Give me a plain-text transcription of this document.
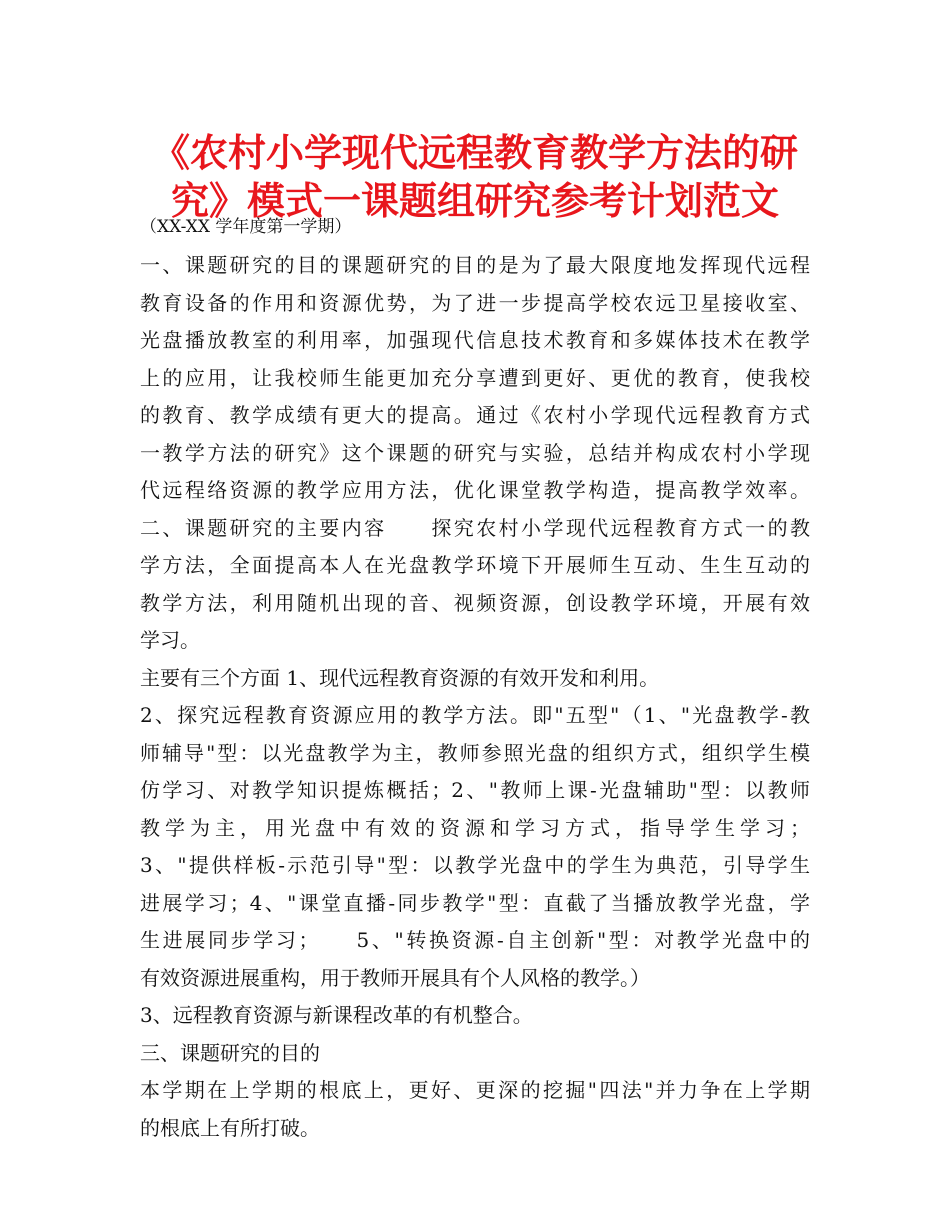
《农村小学现代远程教育教学方法的研
究》模式一课题组研究参考计划范文

（XX-XX 学年度第一学期）

一、课题研究的目的课题研究的目的是为了最大限度地发挥现代远程

教育设备的作用和资源优势，为了进一步提高学校农远卫星接收室、

光盘播放教室的利用率，加强现代信息技术教育和多媒体技术在教学

上的应用，让我校师生能更加充分享遭到更好、更优的教育，使我校

的教育、教学成绩有更大的提高。通过《农村小学现代远程教育方式

一教学方法的研究》这个课题的研究与实验，总结并构成农村小学现

代远程络资源的教学应用方法，优化课堂教学构造，提高教学效率。

二、课题研究的主要内容　　探究农村小学现代远程教育方式一的教

学方法，全面提高本人在光盘教学环境下开展师生互动、生生互动的

教学方法，利用随机出现的音、视频资源，创设教学环境，开展有效

学习。

主要有三个方面 1、现代远程教育资源的有效开发和利用。

2、探究远程教育资源应用的教学方法。即"五型"（1、"光盘教学-教

师辅导"型：以光盘教学为主，教师参照光盘的组织方式，组织学生模

仿学习、对教学知识提炼概括；2、"教师上课-光盘辅助"型：以教师

教学为主，用光盘中有效的资源和学习方式，指导学生学习；

3、"提供样板-示范引导"型：以教学光盘中的学生为典范，引导学生

进展学习；4、"课堂直播-同步教学"型：直截了当播放教学光盘，学

生进展同步学习；　　5、"转换资源-自主创新"型：对教学光盘中的

有效资源进展重构，用于教师开展具有个人风格的教学。）

3、远程教育资源与新课程改革的有机整合。

三、课题研究的目的

本学期在上学期的根底上，更好、更深的挖掘"四法"并力争在上学期

的根底上有所打破。
